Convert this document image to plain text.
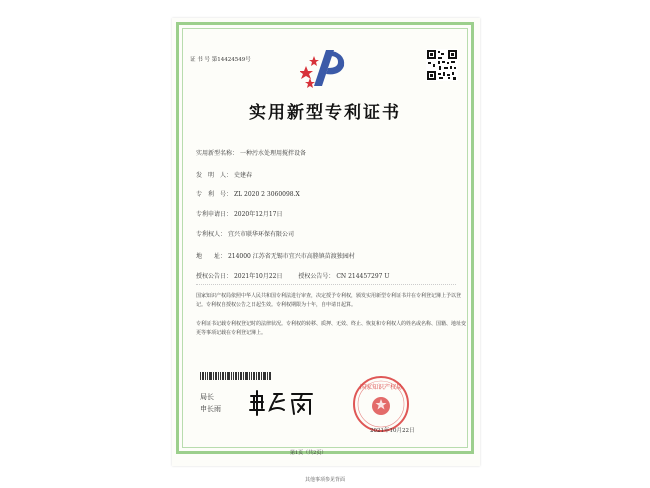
证 书 号 第14424549号
实用新型专利证书
实用新型名称： 一种污水处理用搅拌设备
发　明　人： 史建春
专　利　号： ZL 2020 2 3060098.X
专利申请日： 2020年12月17日
专利权人： 宜兴市联华环保有限公司
地　　址： 214000 江苏省无锡市宜兴市高塍镇苗渡独园村
授权公告日： 2021年10月22日	授权公告号： CN 214457297 U
国家知识产权局依照中华人民共和国专利法进行审查，决定授予专利权，颁发实用新型专利证书并在专利登记簿上予以登记。专利权自授权公告之日起生效。专利权期限为十年，自申请日起算。
专利证书记载专利权登记时的法律状况。专利权的转移、质押、无效、终止、恢复和专利权人的姓名或名称、国籍、地址变更等事项记载在专利登记簿上。
局长
申长雨
国家知识产权局
2021年10月22日
第1页（共2页）
其他事项参见背面
